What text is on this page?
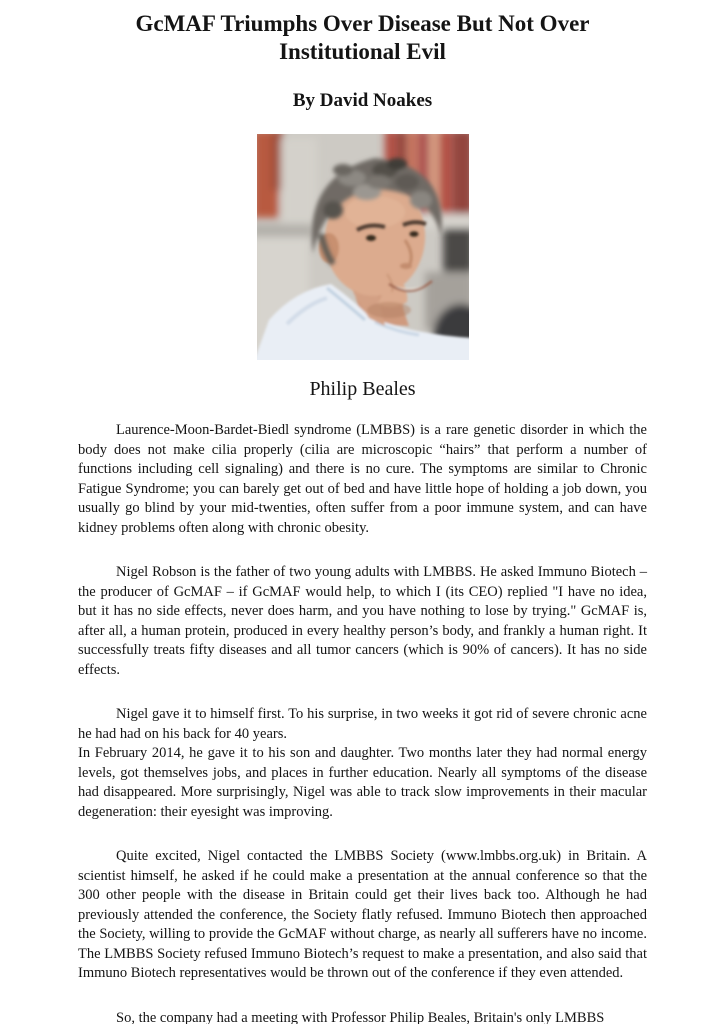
GcMAF Triumphs Over Disease But Not Over Institutional Evil
By David Noakes
Philip Beales

Laurence-Moon-Bardet-Biedl syndrome (LMBBS) is a rare genetic disorder in which the body does not make cilia properly (cilia are microscopic “hairs” that perform a number of functions including cell signaling) and there is no cure. The symptoms are similar to Chronic Fatigue Syndrome; you can barely get out of bed and have little hope of holding a job down, you usually go blind by your mid-twenties, often suffer from a poor immune system, and can have kidney problems often along with chronic obesity.

Nigel Robson is the father of two young adults with LMBBS. He asked Immuno Biotech – the producer of GcMAF – if GcMAF would help, to which I (its CEO) replied "I have no idea, but it has no side effects, never does harm, and you have nothing to lose by trying." GcMAF is, after all, a human protein, produced in every healthy person’s body, and frankly a human right. It successfully treats fifty diseases and all tumor cancers (which is 90% of cancers). It has no side effects.

Nigel gave it to himself first. To his surprise, in two weeks it got rid of severe chronic acne he had had on his back for 40 years.

In February 2014, he gave it to his son and daughter. Two months later they had normal energy levels, got themselves jobs, and places in further education. Nearly all symptoms of the disease had disappeared. More surprisingly, Nigel was able to track slow improvements in their macular degeneration: their eyesight was improving.

Quite excited, Nigel contacted the LMBBS Society (www.lmbbs.org.uk) in Britain. A scientist himself, he asked if he could make a presentation at the annual conference so that the 300 other people with the disease in Britain could get their lives back too. Although he had previously attended the conference, the Society flatly refused. Immuno Biotech then approached the Society, willing to provide the GcMAF without charge, as nearly all sufferers have no income. The LMBBS Society refused Immuno Biotech’s request to make a presentation, and also said that Immuno Biotech representatives would be thrown out of the conference if they even attended.

So, the company had a meeting with Professor Philip Beales, Britain's only LMBBS
